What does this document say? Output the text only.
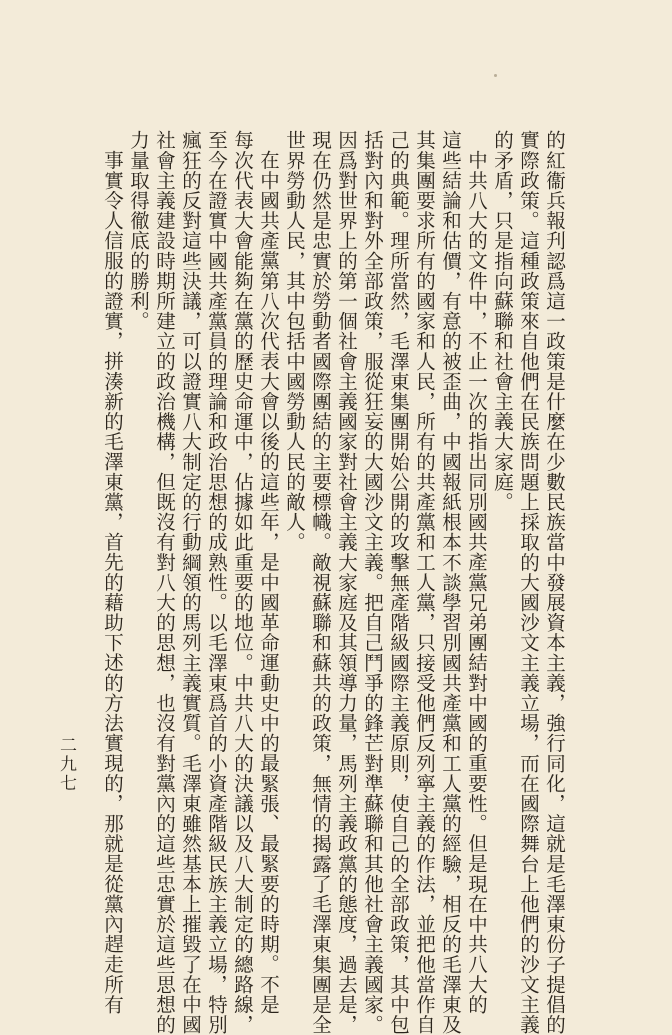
的紅衞兵報刋認爲這一政策是什麼在少數民族當中發展資本主義，強行同化，這就是毛澤東份子提倡的
實際政策。這種政策來自他們在民族問題上採取的大國沙文主義立場，而在國際舞台上他們的沙文主義
的矛盾，只是指向蘇聯和社會主義大家庭。
中共八大的文件中，不止一次的指出同別國共產黨兄弟團結對中國的重要性。但是現在中共八大的
這些結論和估價，有意的被歪曲，中國報紙根本不談學習別國共產黨和工人黨的經驗，相反的毛澤東及
其集團要求所有的國家和人民，所有的共產黨和工人黨，只接受他們反列寧主義的作法，並把他當作自
己的典範。理所當然，毛澤東集團開始公開的攻擊無產階級國際主義原則，使自己的全部政策，其中包
括對內和對外全部政策，服從狂妄的大國沙文主義。把自己鬥爭的鋒芒對準蘇聯和其他社會主義國家。
因爲對世界上的第一個社會主義國家對社會主義大家庭及其領導力量，馬列主義政黨的態度，過去是，
現在仍然是忠實於勞動者國際團結的主要標幟。敵視蘇聯和蘇共的政策，無情的揭露了毛澤東集團是全
世界勞動人民，其中包括中國勞動人民的敵人。
在中國共產黨第八次代表大會以後的這些年，是中國革命運動史中的最緊張、最緊要的時期。不是
每次代表大會能夠在黨的歷史命運中，佔據如此重要的地位。中共八大的決議以及八大制定的總路線，
至今在證實中國共產黨員的理論和政治思想的成熟性。以毛澤東爲首的小資產階級民族主義立場，特別
瘋狂的反對這些決議，可以證實八大制定的行動綱領的馬列主義實質。毛澤東雖然基本上摧毀了在中國
社會主義建設時期所建立的政治機構，但既沒有對八大的思想，也沒有對黨內的這些忠實於這些思想的
力量取得徹底的勝利。
事實令人信服的證實，拼湊新的毛澤東黨，首先的藉助下述的方法實現的，那就是從黨內趕走所有
二九七
